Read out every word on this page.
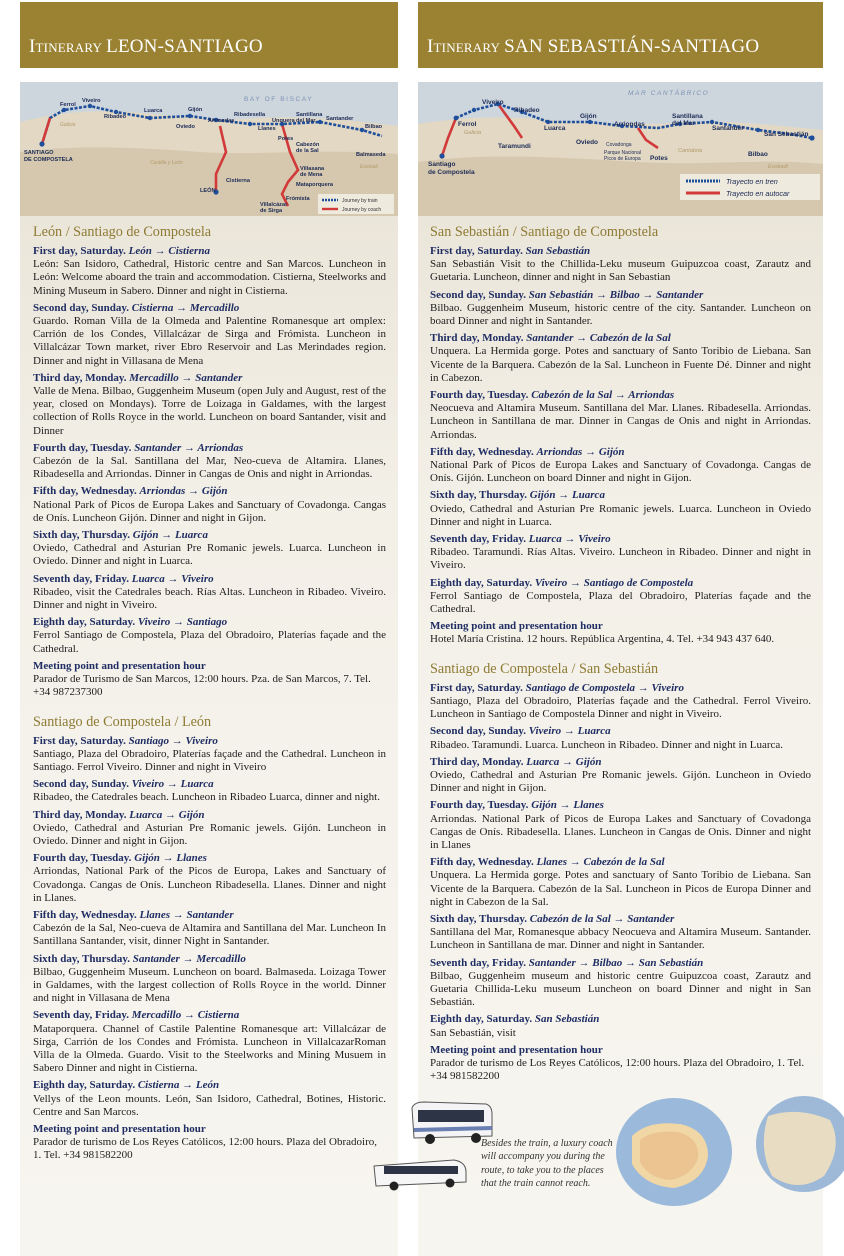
Itinerary LEON-SANTIAGO
BAY OF BISCAY
SANTIAGO
DE COMPOSTELA
Ferrol
Viveiro
Ribadeo
Luarca	Gijón
Oviedo
Arriondas
Ribadesella
Llanes
Unquera
Santillana
del Mar Santander
Bilbao
LEÓN
Cistierna
Cabezón
de la Sal
Potes
Villasana
de Mena
Balmaseda
Mataporquera
Frómista
Villalcázar
de Sirga
Galicia
Castilla y León
Euskadi
Journey by train
Journey by coach
León / Santiago de Compostela
First day, Saturday. León → Cistierna
León: San Isidoro, Cathedral, Historic centre and San Marcos. Luncheon in León: Welcome aboard the train and accommodation. Cistierna, Steelworks and Mining Museum in Sabero. Dinner and night in Cistierna.
Second day, Sunday. Cistierna → Mercadillo
Guardo. Roman Villa de la Olmeda and Palentine Romanesque art omplex: Carrión de los Condes, Villalcázar de Sirga and Frómista. Luncheon in Villalcázar Town market, river Ebro Reservoir and Las Merindades region. Dinner and night in Villasana de Mena
Third day, Monday. Mercadillo → Santander
Valle de Mena. Bilbao, Guggenheim Museum (open July and August, rest of the year, closed on Mondays). Torre de Loizaga in Galdames, with the largest collection of Rolls Royce in the world. Luncheon on board Santander, visit and Dinner
Fourth day, Tuesday. Santander → Arriondas
Cabezón de la Sal. Santillana del Mar, Neo-cueva de Altamira. Llanes, Ribadesella and Arriondas. Dinner in Cangas de Onis and night in Arriondas.
Fifth day, Wednesday. Arriondas → Gijón
National Park of Picos de Europa Lakes and Sanctuary of Covadonga. Cangas de Onís. Luncheon Gijón. Dinner and night in Gijon.
Sixth day, Thursday. Gijón → Luarca
Oviedo, Cathedral and Asturian Pre Romanic jewels. Luarca. Luncheon in Oviedo. Dinner and night in Luarca.
Seventh day, Friday. Luarca → Viveiro
Ribadeo, visit the Catedrales beach. Rías Altas. Luncheon in Ribadeo. Viveiro. Dinner and night in Viveiro.
Eighth day, Saturday. Viveiro → Santiago
Ferrol Santiago de Compostela, Plaza del Obradoiro, Platerías façade and the Cathedral.
Meeting point and presentation hour
Parador de Turismo de San Marcos, 12:00 hours. Pza. de San Marcos, 7. Tel. +34 987237300
Santiago de Compostela / León
First day, Saturday. Santiago → Viveiro
Santiago, Plaza del Obradoiro, Platerías façade and the Cathedral. Luncheon in Santiago. Ferrol Viveiro. Dinner and night in Viveiro
Second day, Sunday. Viveiro → Luarca
Ribadeo, the Catedrales beach. Luncheon in Ribadeo Luarca, dinner and night.
Third day, Monday. Luarca → Gijón
Oviedo, Cathedral and Asturian Pre Romanic jewels. Gijón. Luncheon in Oviedo. Dinner and night in Gijon.
Fourth day, Tuesday. Gijón → Llanes
Arriondas, National Park of the Picos de Europa, Lakes and Sanctuary of Covadonga. Cangas de Onís. Luncheon Ribadesella. Llanes. Dinner and night in Llanes.
Fifth day, Wednesday. Llanes → Santander
Cabezón de la Sal, Neo-cueva de Altamira and Santillana del Mar. Luncheon In Santillana Santander, visit, dinner Night in Santander.
Sixth day, Thursday. Santander → Mercadillo
Bilbao, Guggenheim Museum. Luncheon on board. Balmaseda. Loizaga Tower in Galdames, with the largest collection of Rolls Royce in the world. Dinner and night in Villasana de Mena
Seventh day, Friday. Mercadillo → Cistierna
Mataporquera. Channel of Castile Palentine Romanesque art: Villalcázar de Sirga, Carrión de los Condes and Frómista. Luncheon in VillalcazarRoman Villa de la Olmeda. Guardo. Visit to the Steelworks and Mining Musuem in Sabero Dinner and night in Cistierna.
Eighth day, Saturday. Cistierna → León
Vellys of the Leon mounts. León, San Isidoro, Cathedral, Botines, Historic. Centre and San Marcos.
Meeting point and presentation hour
Parador de turismo de Los Reyes Católicos, 12:00 hours. Plaza del Obradoiro, 1. Tel. +34 981582200
Itinerary SAN SEBASTIÁN-SANTIAGO
MAR CANTÁBRICO
Santiago
de Compostela
Ferrol
Viveiro
Ribadeo
Luarca
Gijón
Oviedo
Arriondas
Santillana
del Mar
Santander
San Sebastián
Bilbao
Taramundi
Potes
Covadonga
Parque Nacional
Picos de Europa
Galicia
Cantabria
Euskadi
Trayecto en tren
Trayecto en autocar
San Sebastián / Santiago de Compostela
First day, Saturday. San Sebastián
San Sebastián Visit to the Chillida-Leku museum Guipuzcoa coast, Zarautz and Guetaria. Luncheon, dinner and night in San Sebastian
Second day, Sunday. San Sebastián → Bilbao → Santander
Bilbao. Guggenheim Museum, historic centre of the city. Santander. Luncheon on board Dinner and night in Santander.
Third day, Monday. Santander → Cabezón de la Sal
Unquera. La Hermida gorge. Potes and sanctuary of Santo Toribio de Liebana. San Vicente de la Barquera. Cabezón de la Sal. Luncheon in Fuente Dé. Dinner and night in Cabezon.
Fourth day, Tuesday. Cabezón de la Sal → Arriondas
Neocueva and Altamira Museum. Santillana del Mar. Llanes. Ribadesella. Arriondas. Luncheon in Santillana de mar. Dinner in Cangas de Onis and night in Arriondas. Arriondas.
Fifth day, Wednesday. Arriondas → Gijón
National Park of Picos de Europa Lakes and Sanctuary of Covadonga. Cangas de Onís. Gijón. Luncheon on board Dinner and night in Gijon.
Sixth day, Thursday. Gijón → Luarca
Oviedo, Cathedral and Asturian Pre Romanic jewels. Luarca. Luncheon in Oviedo Dinner and night in Luarca.
Seventh day, Friday. Luarca → Viveiro
Ribadeo. Taramundi. Rías Altas. Viveiro. Luncheon in Ribadeo. Dinner and night in Viveiro.
Eighth day, Saturday. Viveiro → Santiago de Compostela
Ferrol Santiago de Compostela, Plaza del Obradoiro, Platerías façade and the Cathedral.
Meeting point and presentation hour
Hotel María Cristina. 12 hours. República Argentina, 4. Tel. +34 943 437 640.
Santiago de Compostela / San Sebastián
First day, Saturday. Santiago de Compostela → Viveiro
Santiago, Plaza del Obradoiro, Platerías façade and the Cathedral. Ferrol Viveiro. Luncheon in Santiago de Compostela Dinner and night in Viveiro.
Second day, Sunday. Viveiro → Luarca
Ribadeo. Taramundi. Luarca. Luncheon in Ribadeo. Dinner and night in Luarca.
Third day, Monday. Luarca → Gijón
Oviedo, Cathedral and Asturian Pre Romanic jewels. Gijón. Luncheon in Oviedo Dinner and night in Gijon.
Fourth day, Tuesday. Gijón → Llanes
Arriondas. National Park of Picos de Europa Lakes and Sanctuary of Covadonga Cangas de Onís. Ribadesella. Llanes. Luncheon in Cangas de Onis. Dinner and night in Llanes
Fifth day, Wednesday. Llanes → Cabezón de la Sal
Unquera. La Hermida gorge. Potes and sanctuary of Santo Toribio de Liebana. San Vicente de la Barquera. Cabezón de la Sal. Luncheon in Picos de Europa Dinner and night in Cabezon de la Sal.
Sixth day, Thursday. Cabezón de la Sal → Santander
Santillana del Mar, Romanesque abbacy Neocueva and Altamira Museum. Santander. Luncheon in Santillana de mar. Dinner and night in Santander.
Seventh day, Friday. Santander → Bilbao → San Sebastián
Bilbao, Guggenheim museum and historic centre Guipuzcoa coast, Zarautz and Guetaria Chillida-Leku museum Luncheon on board Dinner and night in San Sebastián.
Eighth day, Saturday. San Sebastián
San Sebastián, visit
Meeting point and presentation hour
Parador de turismo de Los Reyes Católicos, 12:00 hours. Plaza del Obradoiro, 1. Tel. +34 981582200
Besides the train, a luxury coach will accompany you during the route, to take you to the places that the train cannot reach.
